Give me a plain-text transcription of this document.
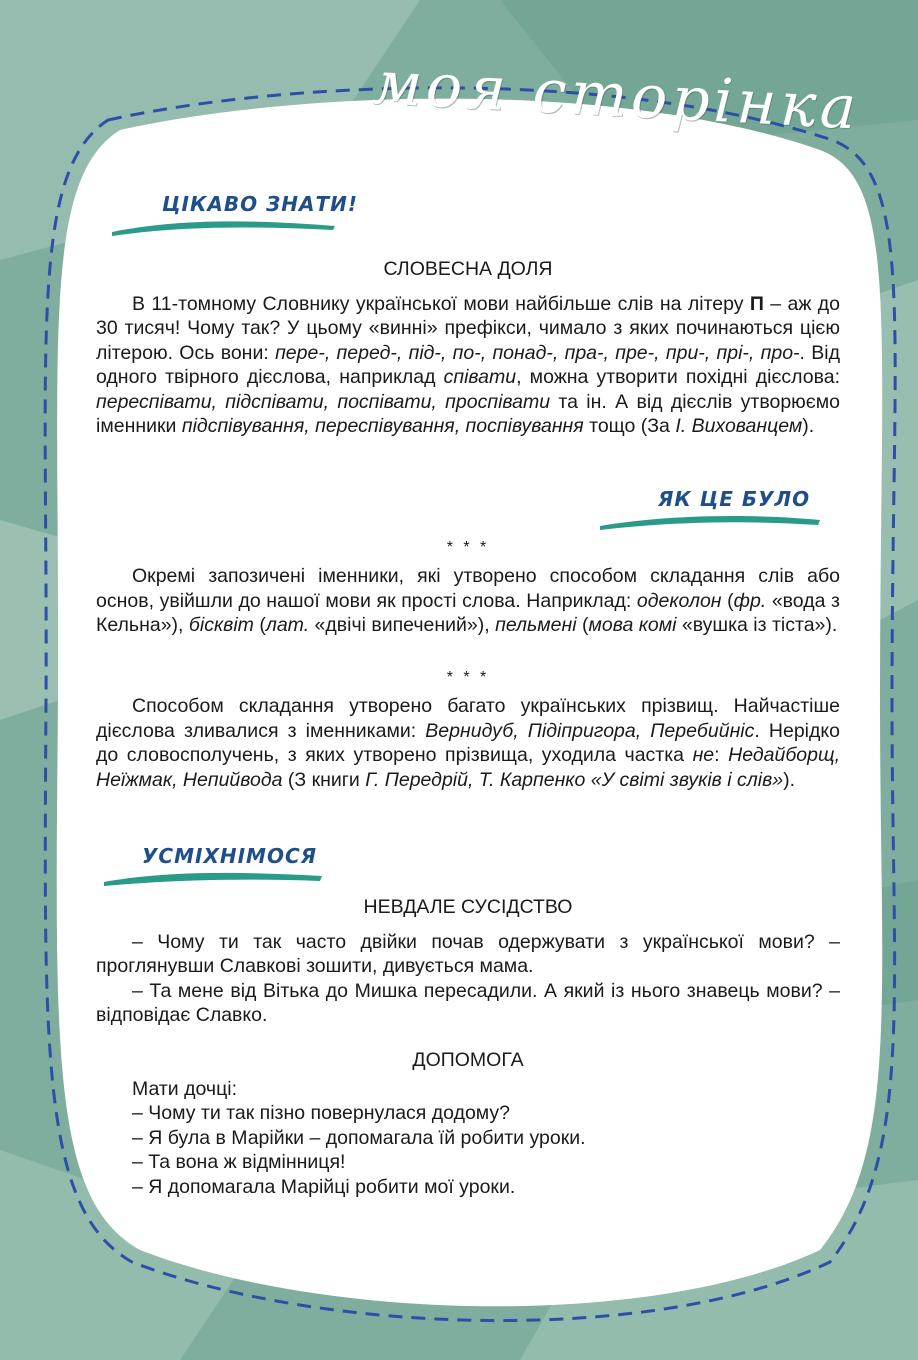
моя сторінка
ЦІКАВО ЗНАТИ!
ЯК ЦЕ БУЛО
УСМІХНІМОСЯ
СЛОВЕСНА ДОЛЯ

В 11-томному Словнику української мови найбільше слів на літеру П – аж до 30 тисяч! Чому так? У цьому «винні» префікси, чимало з яких починаються цією літерою. Ось вони: пере-, перед-, під-, по-, понад-, пра-, пре-, при-, прі-, про-. Від одного твірного дієслова, наприклад співати, можна утворити похідні дієслова: переспівати, підспівати, поспівати, проспівати та ін. А від дієслів утворюємо іменники підспівування, переспівування, поспівування тощо (За І. Вихованцем).

* * *

Окремі запозичені іменники, які утворено способом складання слів або основ, увійшли до нашої мови як прості слова. Наприклад: одеколон (фр. «вода з Кельна»), бісквіт (лат. «двічі випечений»), пельмені (мова комі «вушка із тіста»).

* * *

Способом складання утворено багато українських прізвищ. Найчастіше дієслова зливалися з іменниками: Вернидуб, Підіпригора, Перебийніс. Нерідко до словосполучень, з яких утворено прізвища, уходила частка не: Недайборщ, Неїжмак, Непийвода (З книги Г. Передрій, Т. Карпенко «У світі звуків і слів»).

НЕВДАЛЕ СУСІДСТВО

– Чому ти так часто двійки почав одержувати з української мови? – проглянувши Славкові зошити, дивується мама.

– Та мене від Вітька до Мишка пересадили. А який із нього знавець мови? – відповідає Славко.

ДОПОМОГА

Мати дочці:

– Чому ти так пізно повернулася додому?

– Я була в Марійки – допомагала їй робити уроки.

– Та вона ж відмінниця!

– Я допомагала Марійці робити мої уроки.
